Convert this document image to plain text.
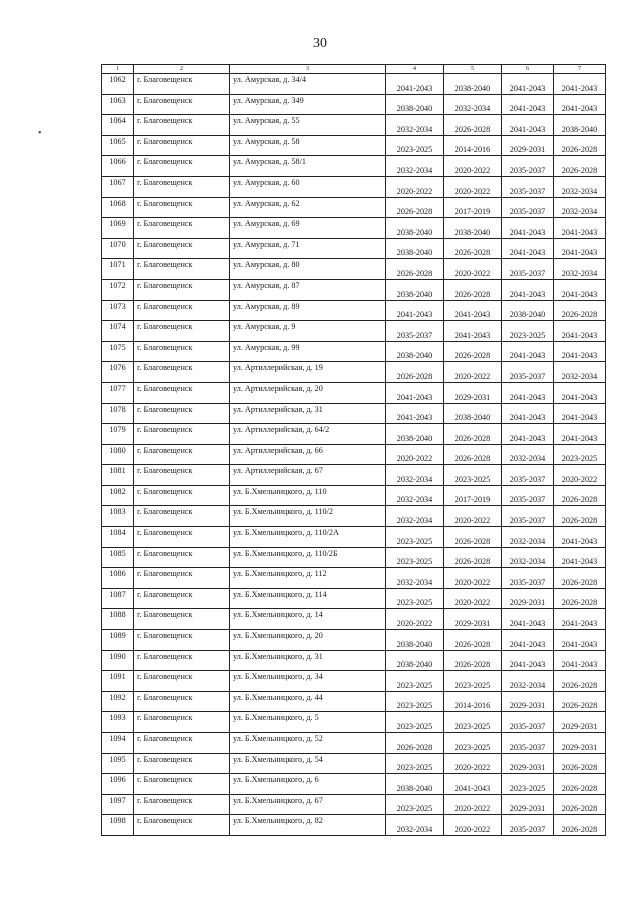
30
•
1	2	3	4	5	6	7
1062	г. Благовещенск	ул. Амурская, д. 34/4	2041-2043	2038-2040	2041-2043	2041-2043
1063	г. Благовещенск	ул. Амурская, д. 349	2038-2040	2032-2034	2041-2043	2041-2043
1064	г. Благовещенск	ул. Амурская, д. 55	2032-2034	2026-2028	2041-2043	2038-2040
1065	г. Благовещенск	ул. Амурская, д. 58	2023-2025	2014-2016	2029-2031	2026-2028
1066	г. Благовещенск	ул. Амурская, д. 58/1	2032-2034	2020-2022	2035-2037	2026-2028
1067	г. Благовещенск	ул. Амурская, д. 60	2020-2022	2020-2022	2035-2037	2032-2034
1068	г. Благовещенск	ул. Амурская, д. 62	2026-2028	2017-2019	2035-2037	2032-2034
1069	г. Благовещенск	ул. Амурская, д. 69	2038-2040	2038-2040	2041-2043	2041-2043
1070	г. Благовещенск	ул. Амурская, д. 71	2038-2040	2026-2028	2041-2043	2041-2043
1071	г. Благовещенск	ул. Амурская, д. 80	2026-2028	2020-2022	2035-2037	2032-2034
1072	г. Благовещенск	ул. Амурская, д. 87	2038-2040	2026-2028	2041-2043	2041-2043
1073	г. Благовещенск	ул. Амурская, д. 89	2041-2043	2041-2043	2038-2040	2026-2028
1074	г. Благовещенск	ул. Амурская, д. 9	2035-2037	2041-2043	2023-2025	2041-2043
1075	г. Благовещенск	ул. Амурская, д. 99	2038-2040	2026-2028	2041-2043	2041-2043
1076	г. Благовещенск	ул. Артиллерийская, д. 19	2026-2028	2020-2022	2035-2037	2032-2034
1077	г. Благовещенск	ул. Артиллерийская, д. 20	2041-2043	2029-2031	2041-2043	2041-2043
1078	г. Благовещенск	ул. Артиллерийская, д. 31	2041-2043	2038-2040	2041-2043	2041-2043
1079	г. Благовещенск	ул. Артиллерийская, д. 64/2	2038-2040	2026-2028	2041-2043	2041-2043
1080	г. Благовещенск	ул. Артиллерийская, д. 66	2020-2022	2026-2028	2032-2034	2023-2025
1081	г. Благовещенск	ул. Артиллерийская, д. 67	2032-2034	2023-2025	2035-2037	2020-2022
1082	г. Благовещенск	ул. Б.Хмельницкого, д. 110	2032-2034	2017-2019	2035-2037	2026-2028
1083	г. Благовещенск	ул. Б.Хмельницкого, д. 110/2	2032-2034	2020-2022	2035-2037	2026-2028
1084	г. Благовещенск	ул. Б.Хмельницкого, д. 110/2А	2023-2025	2026-2028	2032-2034	2041-2043
1085	г. Благовещенск	ул. Б.Хмельницкого, д. 110/2Б	2023-2025	2026-2028	2032-2034	2041-2043
1086	г. Благовещенск	ул. Б.Хмельницкого, д. 112	2032-2034	2020-2022	2035-2037	2026-2028
1087	г. Благовещенск	ул. Б.Хмельницкого, д. 114	2023-2025	2020-2022	2029-2031	2026-2028
1088	г. Благовещенск	ул. Б.Хмельницкого, д. 14	2020-2022	2029-2031	2041-2043	2041-2043
1089	г. Благовещенск	ул. Б.Хмельницкого, д. 20	2038-2040	2026-2028	2041-2043	2041-2043
1090	г. Благовещенск	ул. Б.Хмельницкого, д. 31	2038-2040	2026-2028	2041-2043	2041-2043
1091	г. Благовещенск	ул. Б.Хмельницкого, д. 34	2023-2025	2023-2025	2032-2034	2026-2028
1092	г. Благовещенск	ул. Б.Хмельницкого, д. 44	2023-2025	2014-2016	2029-2031	2026-2028
1093	г. Благовещенск	ул. Б.Хмельницкого, д. 5	2023-2025	2023-2025	2035-2037	2029-2031
1094	г. Благовещенск	ул. Б.Хмельницкого, д. 52	2026-2028	2023-2025	2035-2037	2029-2031
1095	г. Благовещенск	ул. Б.Хмельницкого, д. 54	2023-2025	2020-2022	2029-2031	2026-2028
1096	г. Благовещенск	ул. Б.Хмельницкого, д. 6	2038-2040	2041-2043	2023-2025	2026-2028
1097	г. Благовещенск	ул. Б.Хмельницкого, д. 67	2023-2025	2020-2022	2029-2031	2026-2028
1098	г. Благовещенск	ул. Б.Хмельницкого, д. 82	2032-2034	2020-2022	2035-2037	2026-2028
